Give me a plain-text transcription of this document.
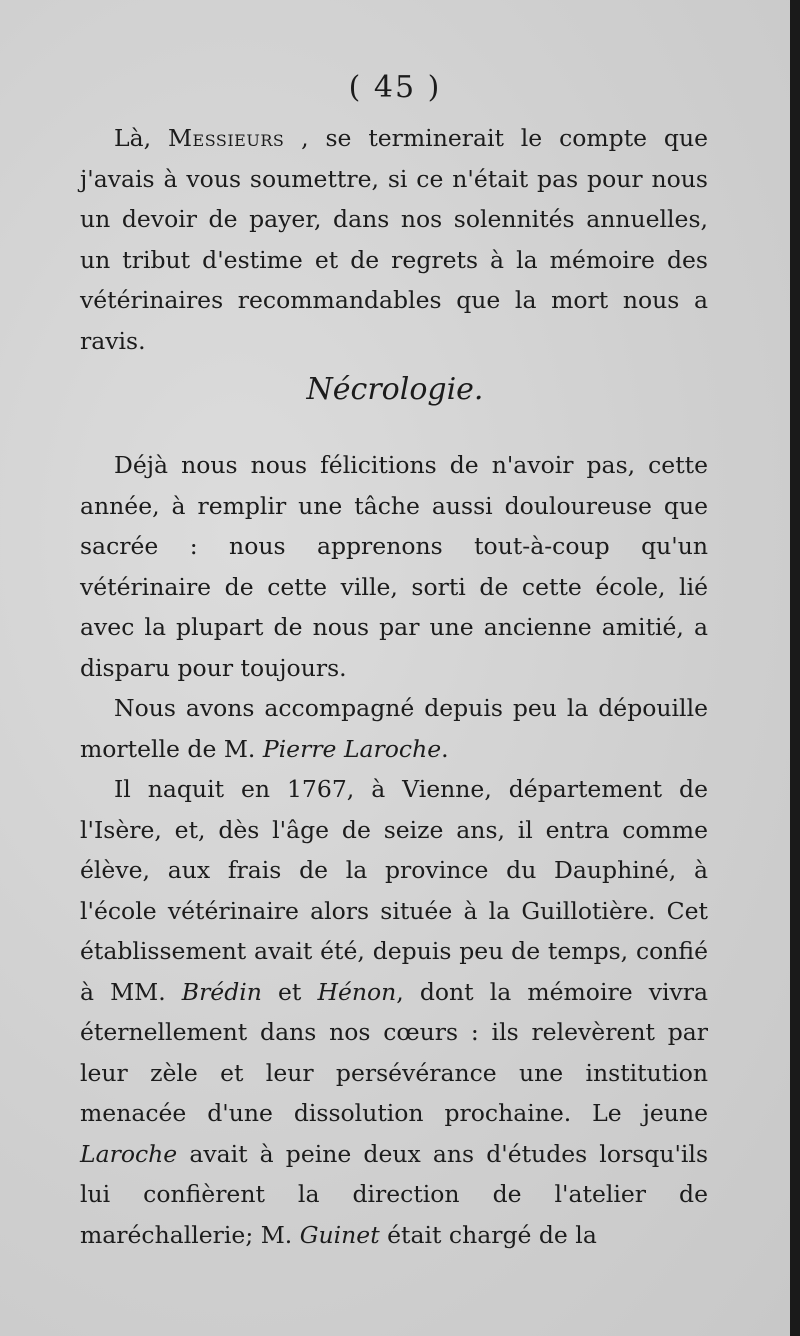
( 45 )

Là, Messieurs , se terminerait le compte que j'avais à vous soumettre, si ce n'était pas pour nous un devoir de payer, dans nos solennités annuelles, un tribut d'estime et de regrets à la mémoire des vétérinaires recommandables que la mort nous a ravis.

Nécrologie.

Déjà nous nous félicitions de n'avoir pas, cette année, à remplir une tâche aussi douloureuse que sacrée : nous apprenons tout-à-coup qu'un vétérinaire de cette ville, sorti de cette école, lié avec la plupart de nous par une ancienne amitié, a disparu pour toujours.

Nous avons accompagné depuis peu la dépouille mortelle de M. Pierre Laroche.

Il naquit en 1767, à Vienne, département de l'Isère, et, dès l'âge de seize ans, il entra comme élève, aux frais de la province du Dauphiné, à l'école vétérinaire alors située à la Guillotière. Cet établissement avait été, depuis peu de temps, confié à MM. Brédin et Hénon, dont la mémoire vivra éternellement dans nos cœurs : ils relevèrent par leur zèle et leur persévérance une institution menacée d'une dissolution prochaine. Le jeune Laroche avait à peine deux ans d'études lorsqu'ils lui confièrent la direction de l'atelier de maréchallerie; M. Guinet était chargé de la
